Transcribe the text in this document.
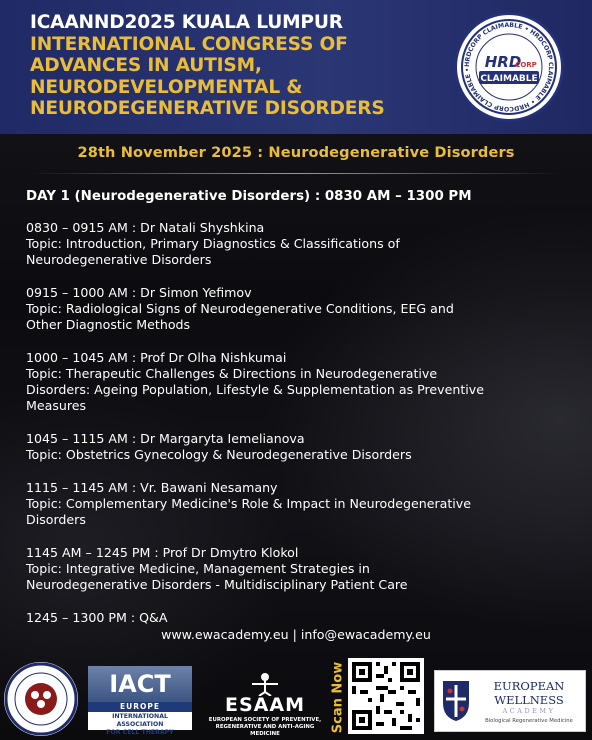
ICAANND2025 KUALA LUMPUR
INTERNATIONAL CONGRESS OF
ADVANCES IN AUTISM,
NEURODEVELOPMENTAL &
NEURODEGENERATIVE DISORDERS
HRDCORP CLAIMABLE • HRDCORP CLAIMABLE • HRDCORP CLAIMABLE • HRD
CORP
CLAIMABLE
28th November 2025 : Neurodegenerative Disorders
DAY 1 (Neurodegenerative Disorders) : 0830 AM – 1300 PM
0830 – 0915 AM : Dr Natali Shyshkina
Topic: Introduction, Primary Diagnostics & Classifications of
Neurodegenerative Disorders
0915 – 1000 AM : Dr Simon Yefimov
Topic: Radiological Signs of Neurodegenerative Conditions, EEG and
Other Diagnostic Methods
1000 – 1045 AM : Prof Dr Olha Nishkumai
Topic: Therapeutic Challenges & Directions in Neurodegenerative
Disorders: Ageing Population, Lifestyle & Supplementation as Preventive
Measures
1045 – 1115 AM : Dr Margaryta Iemelianova
Topic: Obstetrics Gynecology & Neurodegenerative Disorders
1115 – 1145 AM : Vr. Bawani Nesamany
Topic: Complementary Medicine's Role & Impact in Neurodegenerative
Disorders
1145 AM – 1245 PM : Prof Dr Dmytro Klokol
Topic: Integrative Medicine, Management Strategies in
Neurodegenerative Disorders - Multidisciplinary Patient Care
1245 – 1300 PM : Q&A
www.ewacademy.eu | info@ewacademy.eu
IACT
EUROPE
INTERNATIONAL ASSOCIATION
FOR CELL THERAPY
ESAAM
EUROPEAN SOCIETY OF PREVENTIVE,
REGENERATIVE AND ANTI-AGING MEDICINE
Scan Now	EUROPEAN
WELLNESS
ACADEMY
Biological Regenerative Medicine
